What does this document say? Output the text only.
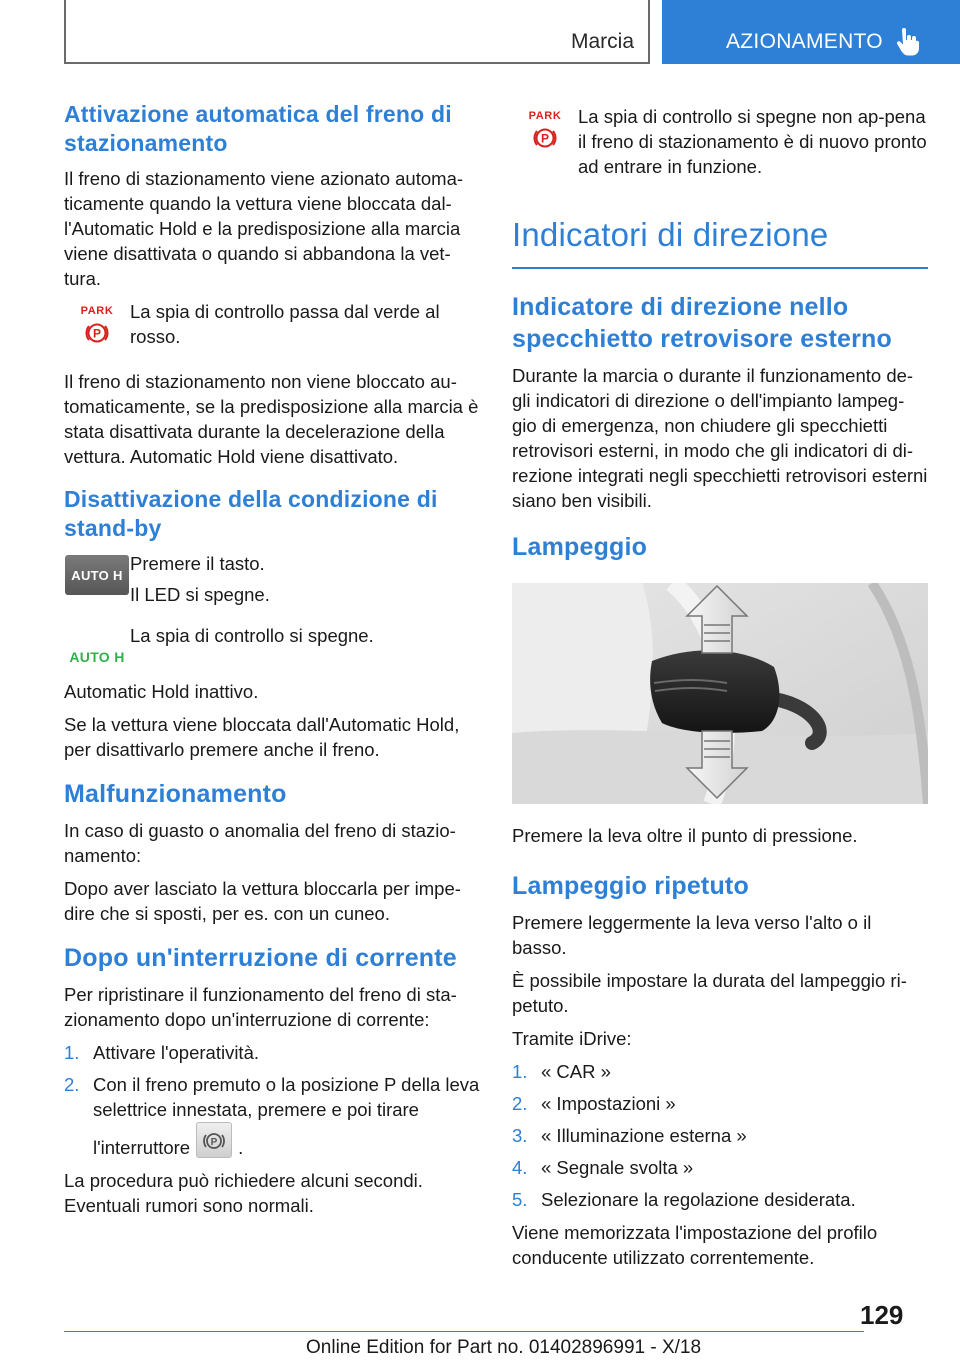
Marcia	AZIONAMENTO
Attivazione automatica del freno di stazionamento

Il freno di stazionamento viene azionato automa-ticamente quando la vettura viene bloccata dal-l'Automatic Hold e la predisposizione alla marcia viene disattivata o quando si abbandona la vet-tura.

PARK
P

La spia di controllo passa dal verde al rosso.

Il freno di stazionamento non viene bloccato au-tomaticamente, se la predisposizione alla marcia è stata disattivata durante la decelerazione della vettura. Automatic Hold viene disattivato.

Disattivazione della condizione di stand-by
AUTO H

Premere il tasto.

Il LED si spegne.

AUTO H

La spia di controllo si spegne.

Automatic Hold inattivo.

Se la vettura viene bloccata dall'Automatic Hold, per disattivarlo premere anche il freno.

Malfunzionamento

In caso di guasto o anomalia del freno di stazio-namento:

Dopo aver lasciato la vettura bloccarla per impe-dire che si sposti, per es. con un cuneo.

Dopo un'interruzione di corrente

Per ripristinare il funzionamento del freno di sta-zionamento dopo un'interruzione di corrente:

1. Attivare l'operatività.
2. Con il freno premuto o la posizione P della leva selettrice innestata, premere e poi tirare l'interruttore P .

La procedura può richiedere alcuni secondi. Eventuali rumori sono normali.

PARK
P

La spia di controllo si spegne non ap-pena il freno di stazionamento è di nuovo pronto ad entrare in funzione.

Indicatori di direzione
Indicatore di direzione nello specchietto retrovisore esterno

Durante la marcia o durante il funzionamento de-gli indicatori di direzione o dell'impianto lampeg-gio di emergenza, non chiudere gli specchietti retrovisori esterni, in modo che gli indicatori di di-rezione integrati negli specchietti retrovisori esterni siano ben visibili.

Lampeggio

Premere la leva oltre il punto di pressione.

Lampeggio ripetuto

Premere leggermente la leva verso l'alto o il basso.

È possibile impostare la durata del lampeggio ri-petuto.

Tramite iDrive:

1. « CAR »
2. « Impostazioni »
3. « Illuminazione esterna »
4. « Segnale svolta »
5. Selezionare la regolazione desiderata.

Viene memorizzata l'impostazione del profilo conducente utilizzato correntemente.

129
Online Edition for Part no. 01402896991 - X/18
